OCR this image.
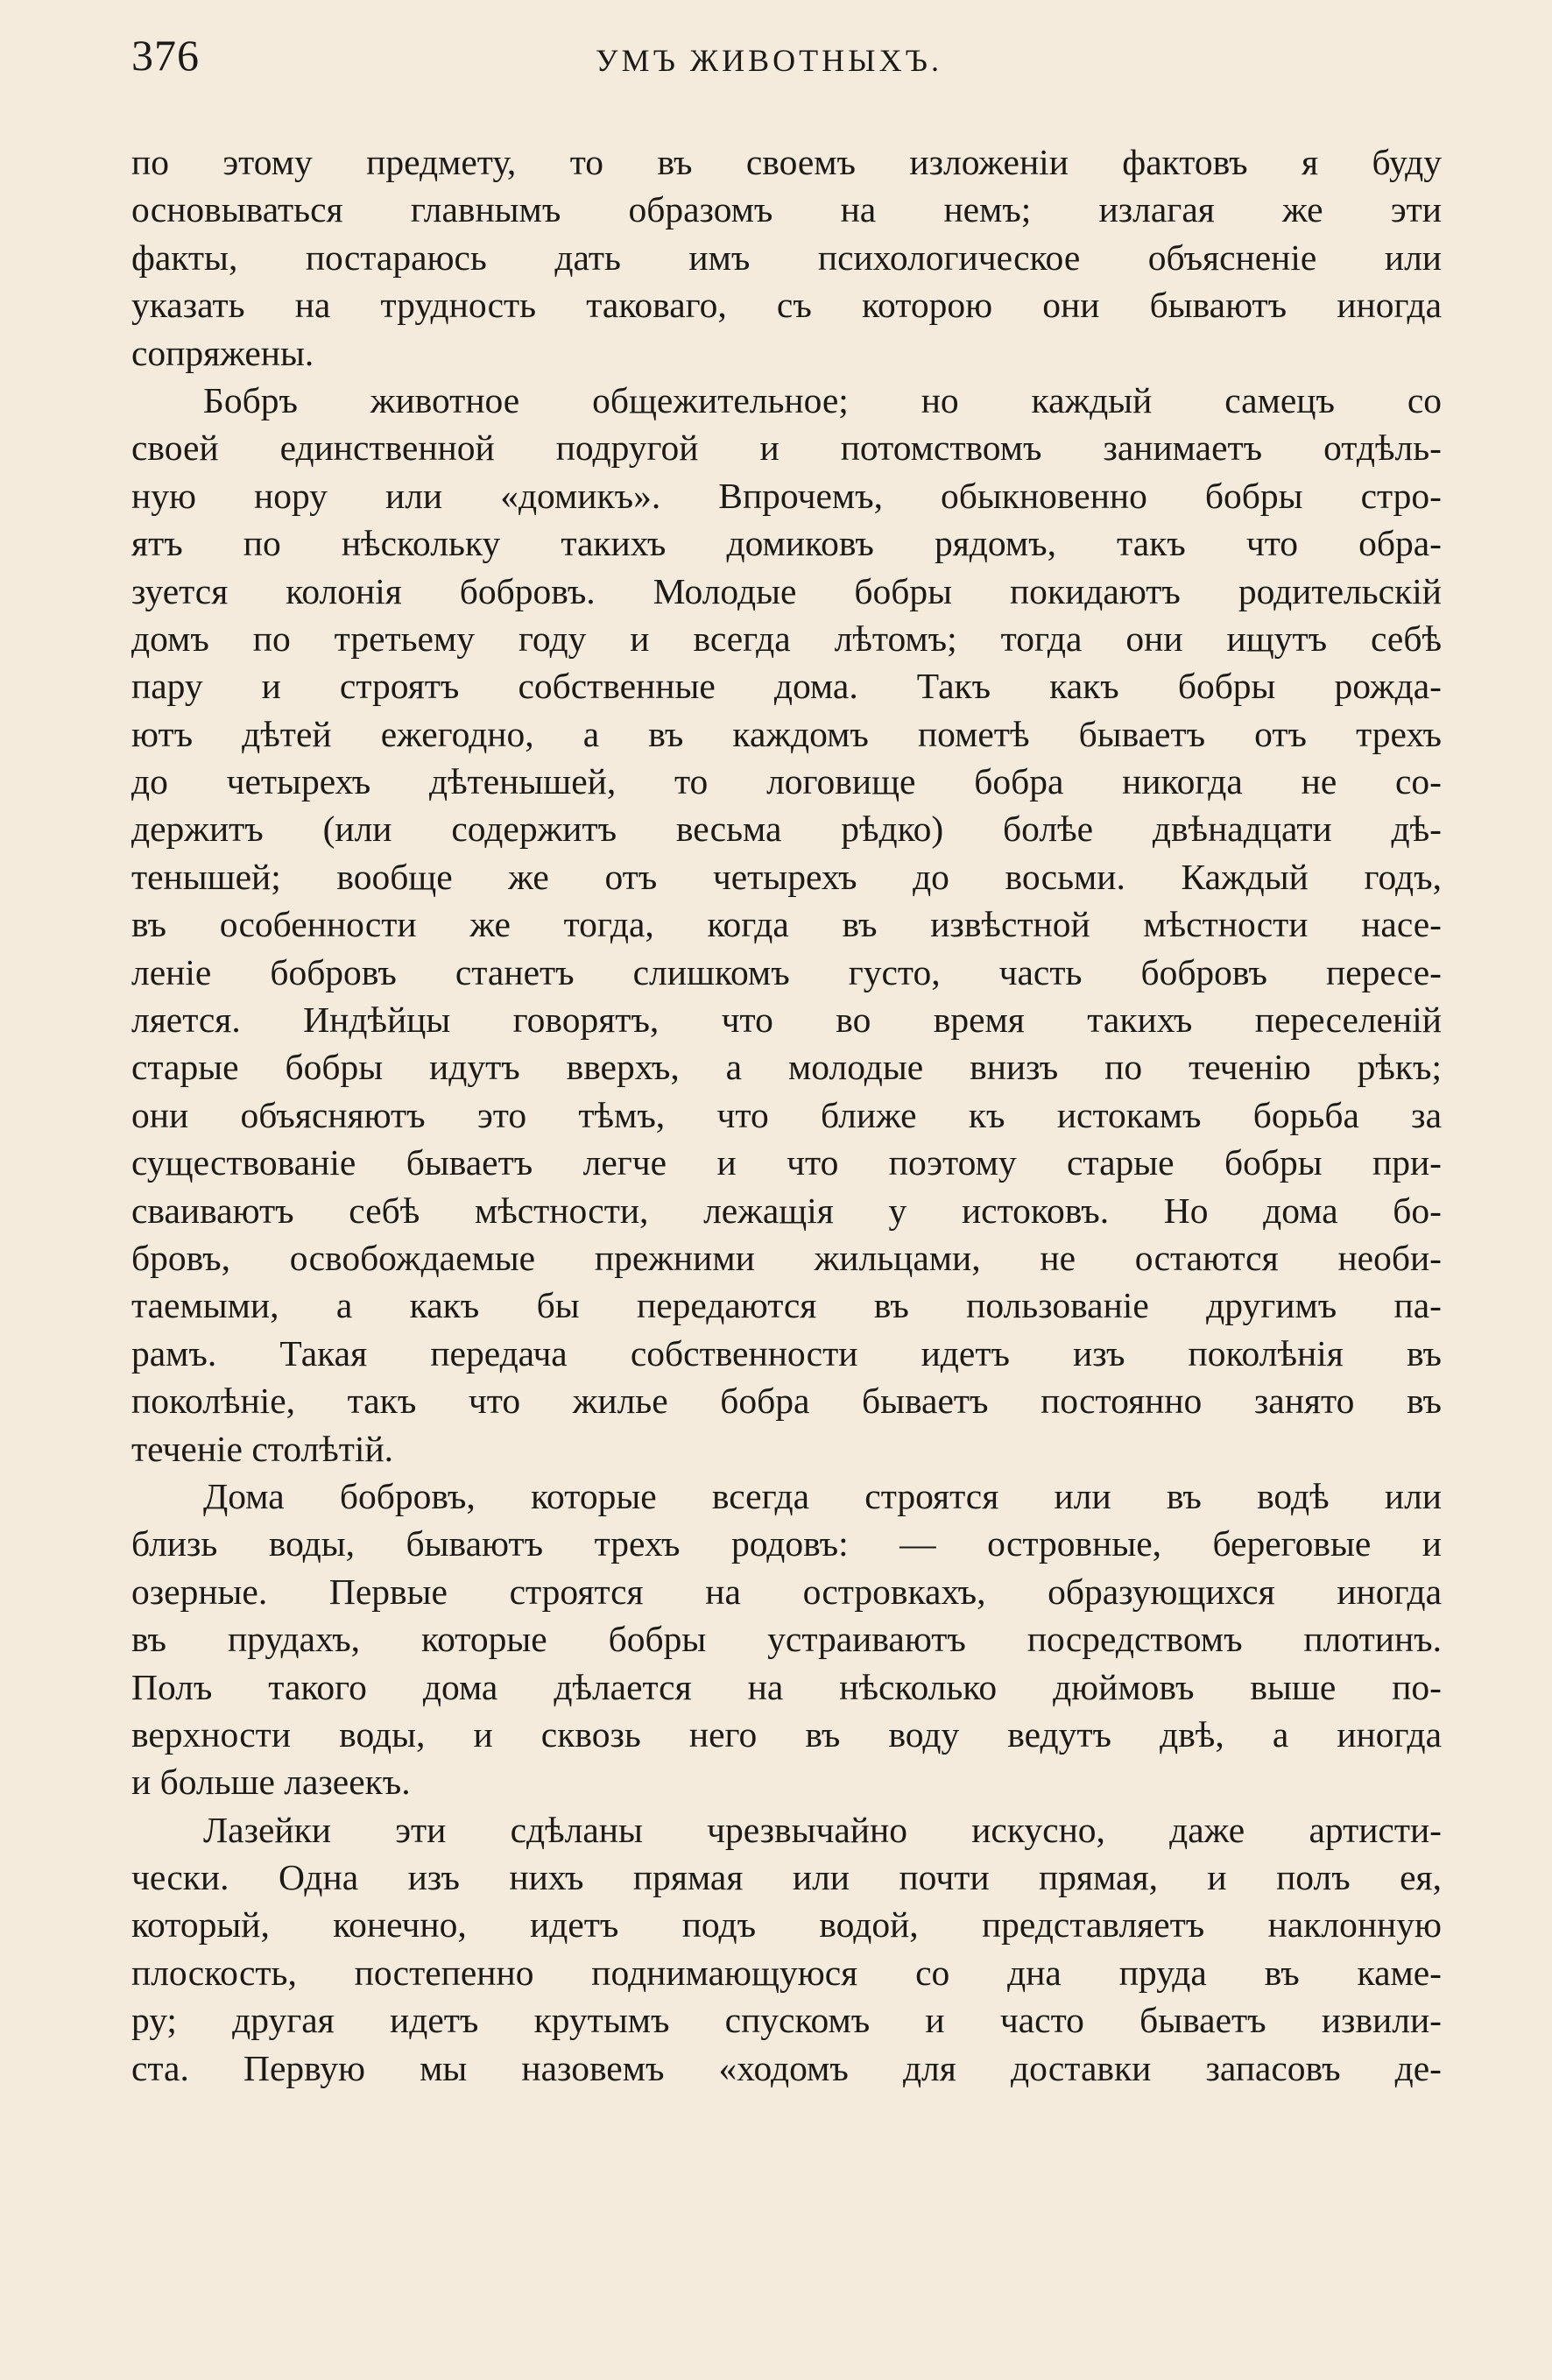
376	УМЪ ЖИВОТНЫХЪ.
по этому предмету, то въ своемъ изложеніи фактовъ я буду
основываться главнымъ образомъ на немъ; излагая же эти
факты, постараюсь дать имъ психологическое объясненіе или
указать на трудность таковаго, съ которою они бываютъ иногда
сопряжены.
Бобръ животное общежительное; но каждый самецъ со
своей единственной подругой и потомствомъ занимаетъ отдѣль-
ную нору или «домикъ». Впрочемъ, обыкновенно бобры стро-
ятъ по нѣскольку такихъ домиковъ рядомъ, такъ что обра-
зуется колонія бобровъ. Молодые бобры покидаютъ родительскій
домъ по третьему году и всегда лѣтомъ; тогда они ищутъ себѣ
пару и строятъ собственные дома. Такъ какъ бобры рожда-
ютъ дѣтей ежегодно, а въ каждомъ пометѣ бываетъ отъ трехъ
до четырехъ дѣтенышей, то логовище бобра никогда не со-
держитъ (или содержитъ весьма рѣдко) болѣе двѣнадцати дѣ-
тенышей; вообще же отъ четырехъ до восьми. Каждый годъ,
въ особенности же тогда, когда въ извѣстной мѣстности насе-
леніе бобровъ станетъ слишкомъ густо, часть бобровъ пересе-
ляется. Индѣйцы говорятъ, что во время такихъ переселеній
старые бобры идутъ вверхъ, а молодые внизъ по теченію рѣкъ;
они объясняютъ это тѣмъ, что ближе къ истокамъ борьба за
существованіе бываетъ легче и что поэтому старые бобры при-
сваиваютъ себѣ мѣстности, лежащія у истоковъ. Но дома бо-
бровъ, освобождаемые прежними жильцами, не остаются необи-
таемыми, а какъ бы передаются въ пользованіе другимъ па-
рамъ. Такая передача собственности идетъ изъ поколѣнія въ
поколѣніе, такъ что жилье бобра бываетъ постоянно занято въ
теченіе столѣтій.
Дома бобровъ, которые всегда строятся или въ водѣ или
близь воды, бываютъ трехъ родовъ: — островные, береговые и
озерные. Первые строятся на островкахъ, образующихся иногда
въ прудахъ, которые бобры устраиваютъ посредствомъ плотинъ.
Полъ такого дома дѣлается на нѣсколько дюймовъ выше по-
верхности воды, и сквозь него въ воду ведутъ двѣ, а иногда
и больше лазеекъ.
Лазейки эти сдѣланы чрезвычайно искусно, даже артисти-
чески. Одна изъ нихъ прямая или почти прямая, и полъ ея,
который, конечно, идетъ подъ водой, представляетъ наклонную
плоскость, постепенно поднимающуюся со дна пруда въ каме-
ру; другая идетъ крутымъ спускомъ и часто бываетъ извили-
ста. Первую мы назовемъ «ходомъ для доставки запасовъ де-
